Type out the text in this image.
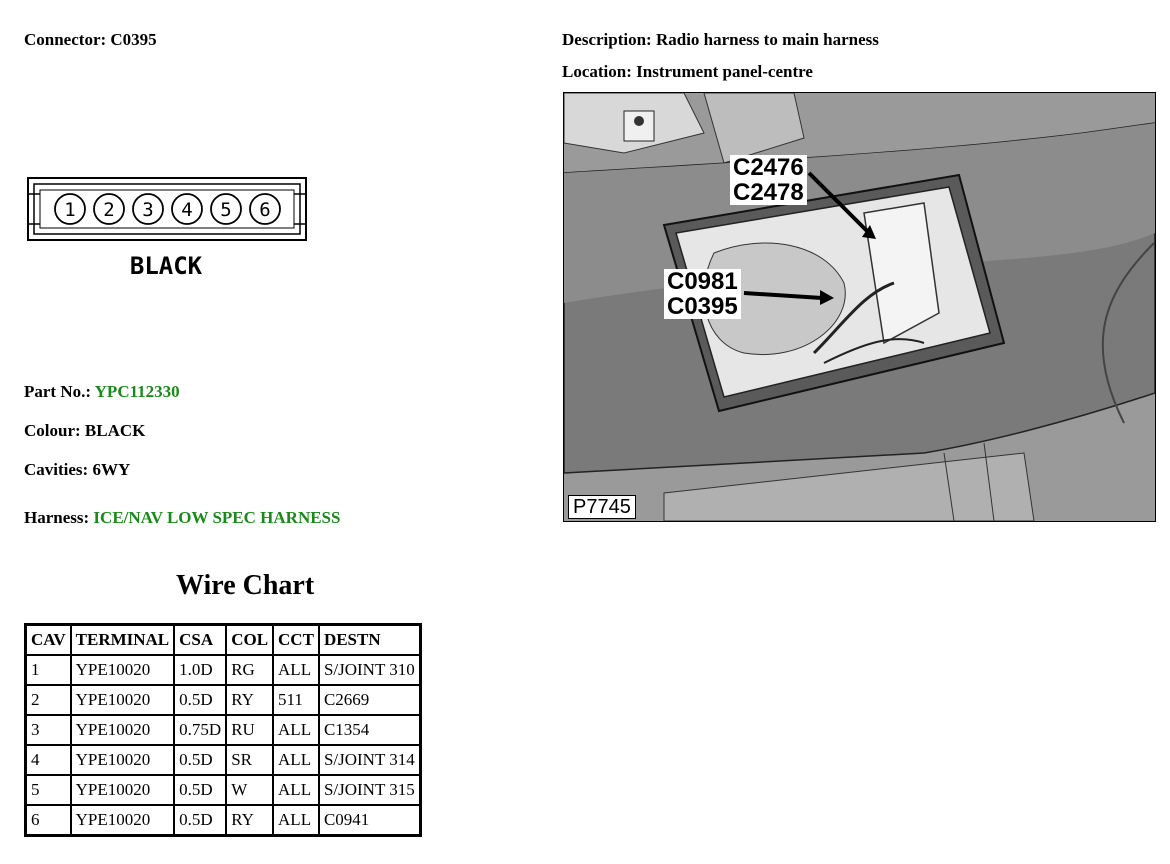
Connector: C0395	Description: Radio harness to main harness
Location: Instrument panel-centre
1 2 3 4 5 6
BLACK
Part No.: YPC112330
Colour: BLACK
Cavities: 6WY
Harness: ICE/NAV LOW SPEC HARNESS
Wire Chart
CAV	TERMINAL	CSA	COL	CCT	DESTN
1	YPE10020	1.0D	RG	ALL	S/JOINT 310
2	YPE10020	0.5D	RY	511	C2669
3	YPE10020	0.75D	RU	ALL	C1354
4	YPE10020	0.5D	SR	ALL	S/JOINT 314
5	YPE10020	0.5D	W	ALL	S/JOINT 315
6	YPE10020	0.5D	RY	ALL	C0941
C2476
C2478
C0981
C0395
P7745
